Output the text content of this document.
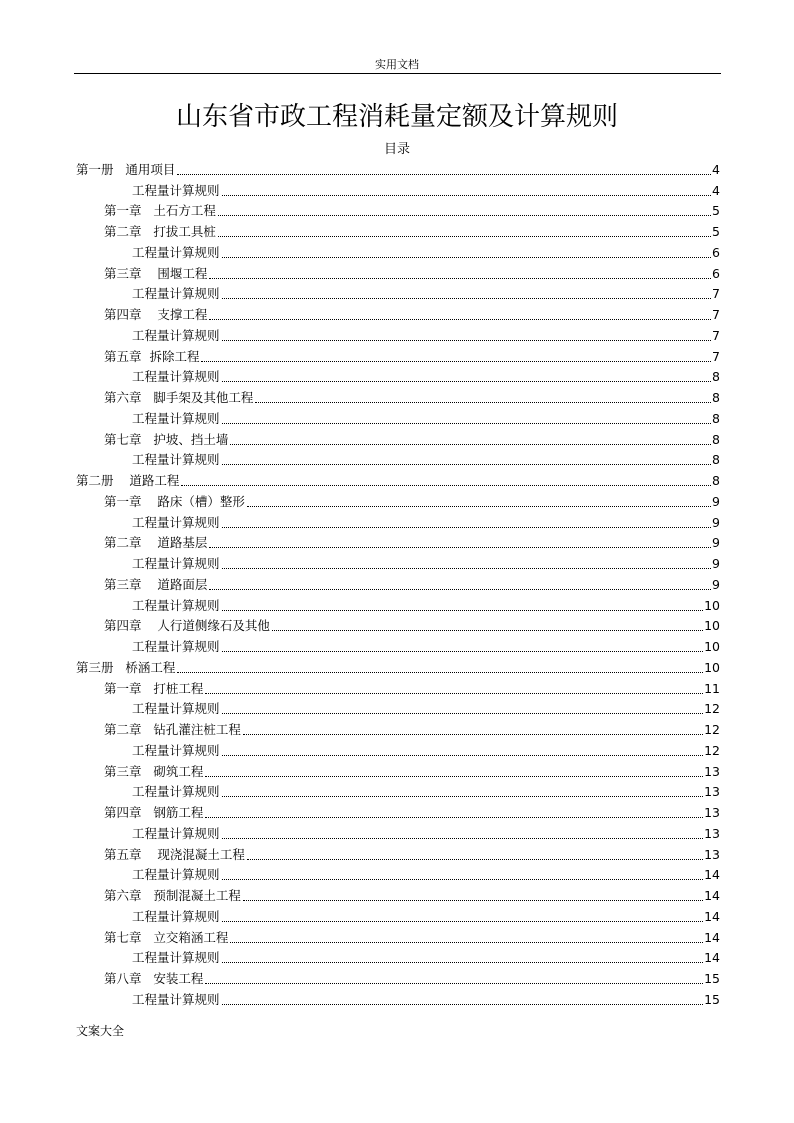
实用文档
山东省市政工程消耗量定额及计算规则
目录
第一册   通用项目	4
工程量计算规则	4
第一章   土石方工程	5
第二章   打拔工具桩	5
工程量计算规则	6
第三章    围堰工程	6
工程量计算规则	7
第四章    支撑工程	7
工程量计算规则	7
第五章  拆除工程	7
工程量计算规则	8
第六章   脚手架及其他工程	8
工程量计算规则	8
第七章   护坡、挡土墙	8
工程量计算规则	8
第二册    道路工程	8
第一章    路床（槽）整形	9
工程量计算规则	9
第二章    道路基层	9
工程量计算规则	9
第三章    道路面层	9
工程量计算规则	10
第四章    人行道侧缘石及其他	10
工程量计算规则	10
第三册   桥涵工程	10
第一章   打桩工程	11
工程量计算规则	12
第二章   钻孔灌注桩工程	12
工程量计算规则	12
第三章   砌筑工程	13
工程量计算规则	13
第四章   钢筋工程	13
工程量计算规则	13
第五章    现浇混凝土工程	13
工程量计算规则	14
第六章   预制混凝土工程	14
工程量计算规则	14
第七章   立交箱涵工程	14
工程量计算规则	14
第八章   安装工程	15
工程量计算规则	15
文案大全
